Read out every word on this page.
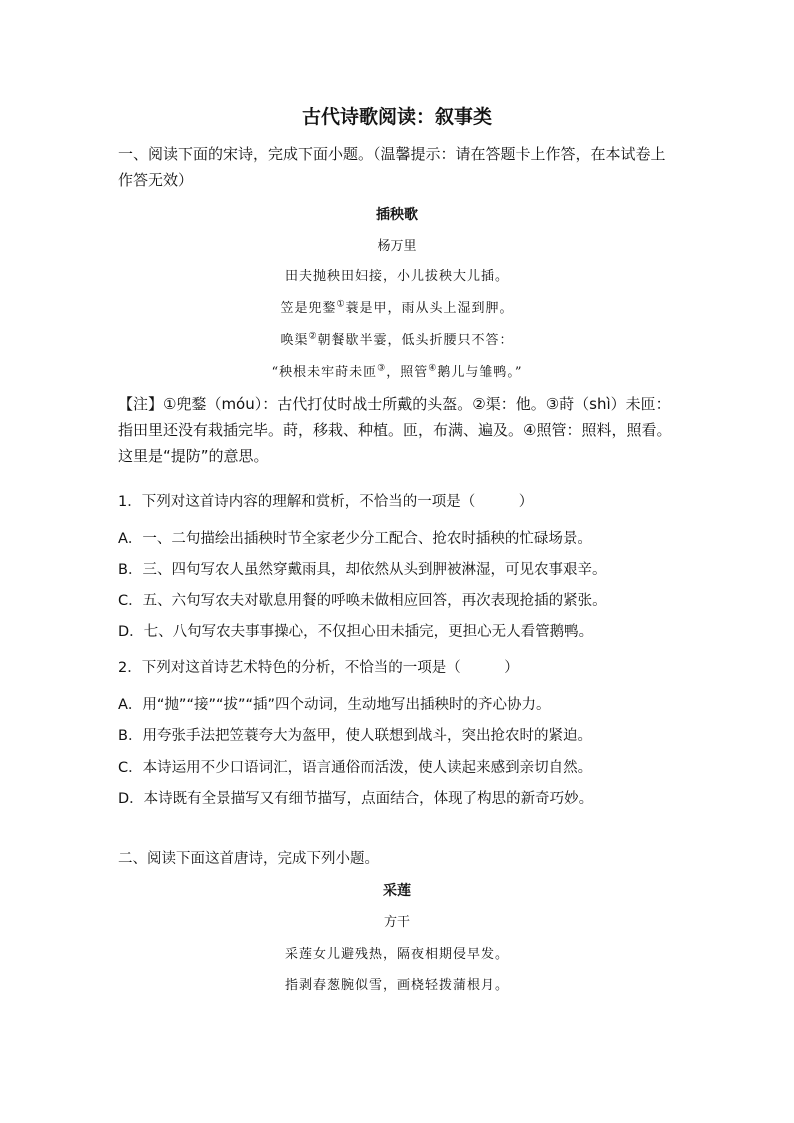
古代诗歌阅读：叙事类
一、阅读下面的宋诗，完成下面小题。（温馨提示：请在答题卡上作答，在本试卷上作答无效）
插秧歌
杨万里
田夫抛秧田妇接，小儿拔秧大儿插。
笠是兜鍪①蓑是甲，雨从头上湿到胛。
唤渠②朝餐歇半霎，低头折腰只不答：
“秧根未牢莳未匝③，照管④鹅儿与雏鸭。”
【注】①兜鍪（móu）：古代打仗时战士所戴的头盔。②渠：他。③莳（shì）未匝：指田里还没有栽插完毕。莳，移栽、种植。匝，布满、遍及。④照管：照料，照看。这里是“提防”的意思。
1．下列对这首诗内容的理解和赏析，不恰当的一项是（　　　）
A．一、二句描绘出插秧时节全家老少分工配合、抢农时插秧的忙碌场景。
B．三、四句写农人虽然穿戴雨具，却依然从头到胛被淋湿，可见农事艰辛。
C．五、六句写农夫对歇息用餐的呼唤未做相应回答，再次表现抢插的紧张。
D．七、八句写农夫事事操心，不仅担心田未插完，更担心无人看管鹅鸭。
2．下列对这首诗艺术特色的分析，不恰当的一项是（　　　）
A．用“抛”“接”“拔”“插”四个动词，生动地写出插秧时的齐心协力。
B．用夸张手法把笠蓑夸大为盔甲，使人联想到战斗，突出抢农时的紧迫。
C．本诗运用不少口语词汇，语言通俗而活泼，使人读起来感到亲切自然。
D．本诗既有全景描写又有细节描写，点面结合，体现了构思的新奇巧妙。
二、阅读下面这首唐诗，完成下列小题。
采莲
方干
采莲女儿避残热，隔夜相期侵早发。
指剥春葱腕似雪，画桡轻拨蒲根月。
